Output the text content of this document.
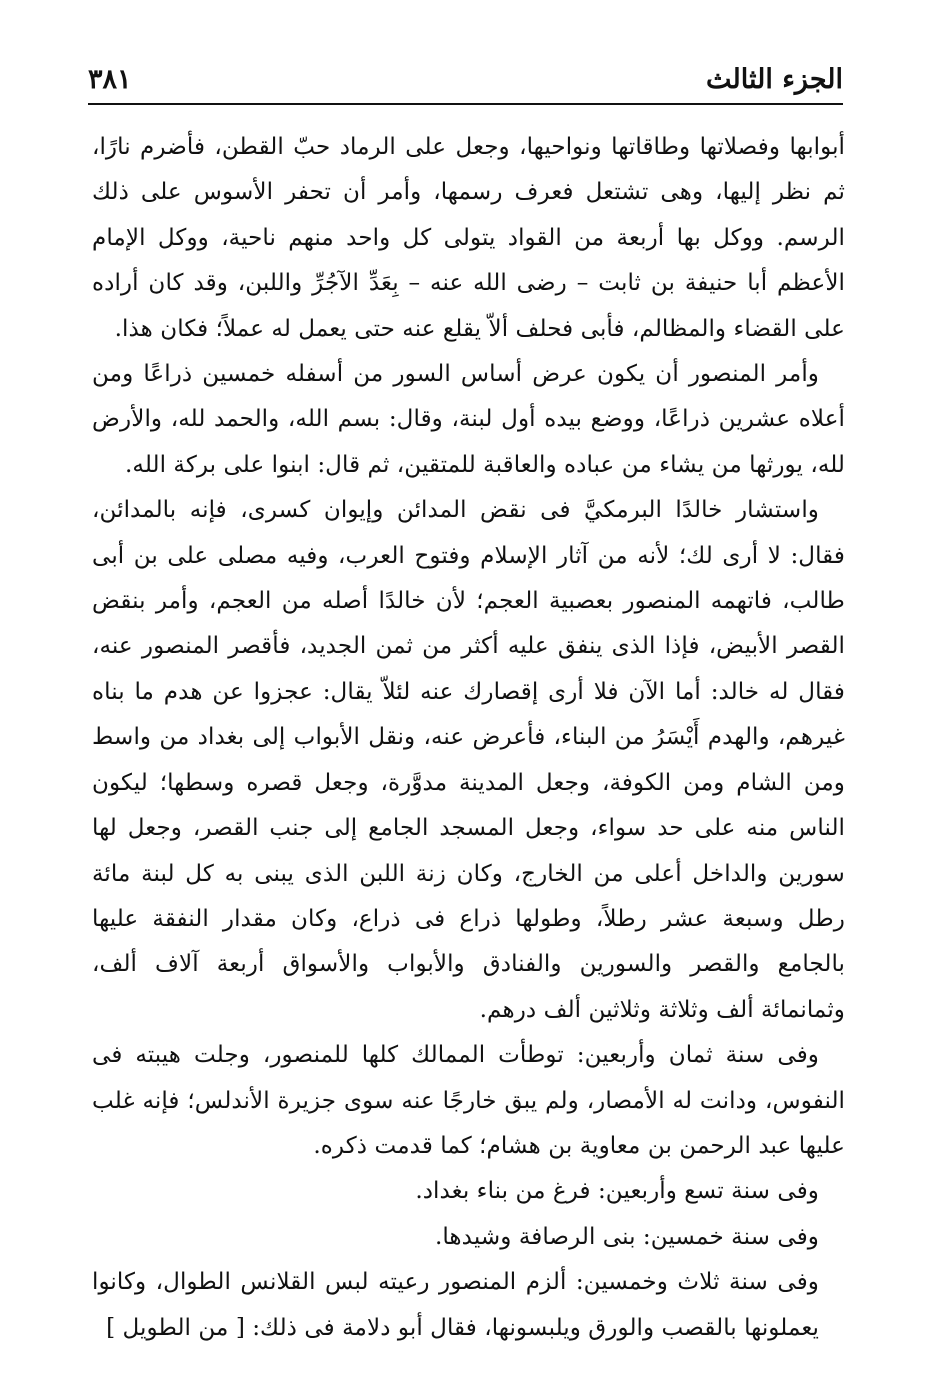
الجزء الثالث
٣٨١

أبوابها وفصلاتها وطاقاتها ونواحيها، وجعل على الرماد حبّ القطن، فأضرم نارًا، ثم نظر إليها، وهى تشتعل فعرف رسمها، وأمر أن تحفر الأسوس على ذلك الرسم. ووكل بها أربعة من القواد يتولى كل واحد منهم ناحية، ووكل الإمام الأعظم أبا حنيفة بن ثابت – رضى الله عنه – بِعَدِّ الآجُرِّ واللبن، وقد كان أراده على القضاء والمظالم، فأبى فحلف ألاّ يقلع عنه حتى يعمل له عملاً؛ فكان هذا.

وأمر المنصور أن يكون عرض أساس السور من أسفله خمسين ذراعًا ومن أعلاه عشرين ذراعًا، ووضع بيده أول لبنة، وقال: بسم الله، والحمد لله، والأرض لله، يورثها من يشاء من عباده والعاقبة للمتقين، ثم قال: ابنوا على بركة الله.

واستشار خالدًا البرمكيَّ فى نقض المدائن وإيوان كسرى، فإنه بالمدائن، فقال: لا أرى لك؛ لأنه من آثار الإسلام وفتوح العرب، وفيه مصلى على بن أبى طالب، فاتهمه المنصور بعصبية العجم؛ لأن خالدًا أصله من العجم، وأمر بنقض القصر الأبيض، فإذا الذى ينفق عليه أكثر من ثمن الجديد، فأقصر المنصور عنه، فقال له خالد: أما الآن فلا أرى إقصارك عنه لئلاّ يقال: عجزوا عن هدم ما بناه غيرهم، والهدم أَيْسَرُ من البناء، فأعرض عنه، ونقل الأبواب إلى بغداد من واسط ومن الشام ومن الكوفة، وجعل المدينة مدوَّرة، وجعل قصره وسطها؛ ليكون الناس منه على حد سواء، وجعل المسجد الجامع إلى جنب القصر، وجعل لها سورين والداخل أعلى من الخارج، وكان زنة اللبن الذى يبنى به كل لبنة مائة رطل وسبعة عشر رطلاً، وطولها ذراع فى ذراع، وكان مقدار النفقة عليها بالجامع والقصر والسورين والفنادق والأبواب والأسواق أربعة آلاف ألف، وثمانمائة ألف وثلاثة وثلاثين ألف درهم.

وفى سنة ثمان وأربعين: توطأت الممالك كلها للمنصور، وجلت هيبته فى النفوس، ودانت له الأمصار، ولم يبق خارجًا عنه سوى جزيرة الأندلس؛ فإنه غلب عليها عبد الرحمن بن معاوية بن هشام؛ كما قدمت ذكره.

وفى سنة تسع وأربعين: فرغ من بناء بغداد.

وفى سنة خمسين: بنى الرصافة وشيدها.

وفى سنة ثلاث وخمسين: ألزم المنصور رعيته لبس القلانس الطوال، وكانوا يعملونها بالقصب والورق ويلبسونها، فقال أبو دلامة فى ذلك: [ من الطويل ]
